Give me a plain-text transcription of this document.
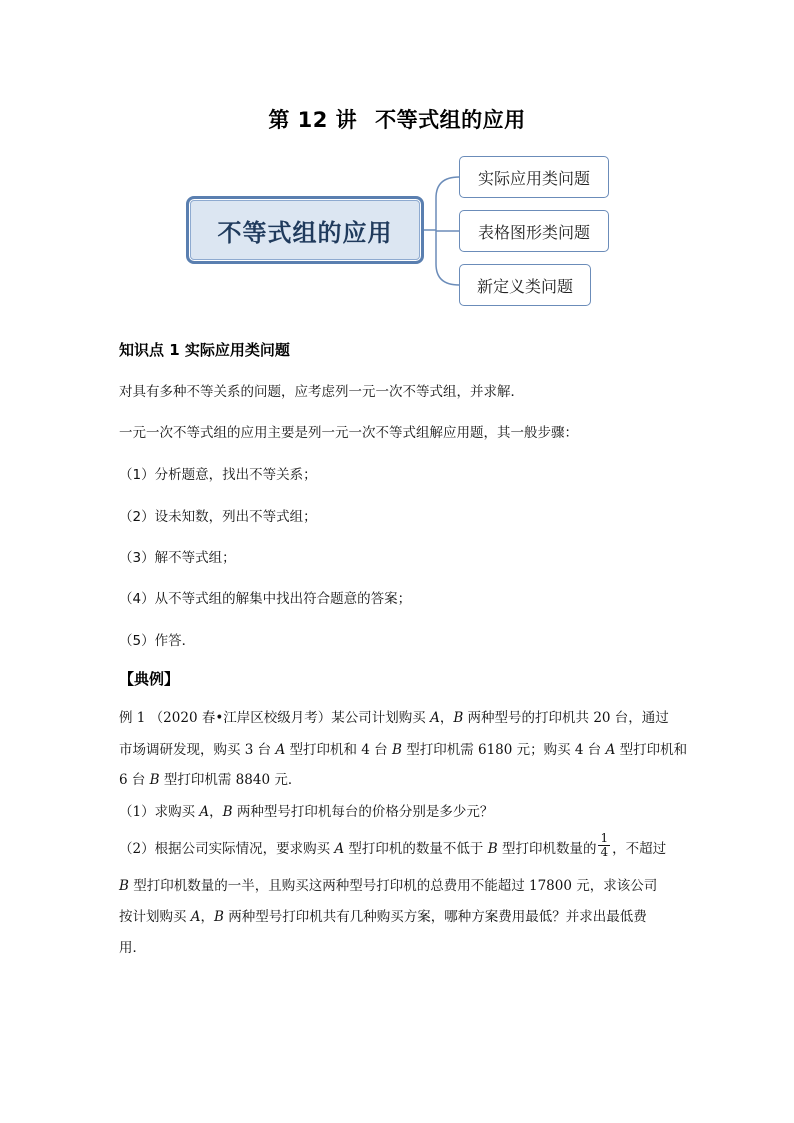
第 12 讲 不等式组的应用
不等式组的应用
实际应用类问题
表格图形类问题
新定义类问题
知识点 1 实际应用类问题
对具有多种不等关系的问题，应考虑列一元一次不等式组，并求解．
一元一次不等式组的应用主要是列一元一次不等式组解应用题，其一般步骤：
（1）分析题意，找出不等关系；
（2）设未知数，列出不等式组；
（3）解不等式组；
（4）从不等式组的解集中找出符合题意的答案；
（5）作答．
【典例】
例 1 （2020 春•江岸区校级月考）某公司计划购买 A，B 两种型号的打印机共 20 台，通过
市场调研发现，购买 3 台 A 型打印机和 4 台 B 型打印机需 6180 元；购买 4 台 A 型打印机和
6 台 B 型打印机需 8840 元．
（1）求购买 A，B 两种型号打印机每台的价格分别是多少元？
（2）根据公司实际情况，要求购买 A 型打印机的数量不低于 B 型打印机数量的 $\frac{1}{4}$ ，不超过
B 型打印机数量的一半，且购买这两种型号打印机的总费用不能超过 17800 元，求该公司
按计划购买 A，B 两种型号打印机共有几种购买方案，哪种方案费用最低？并求出最低费
用．
